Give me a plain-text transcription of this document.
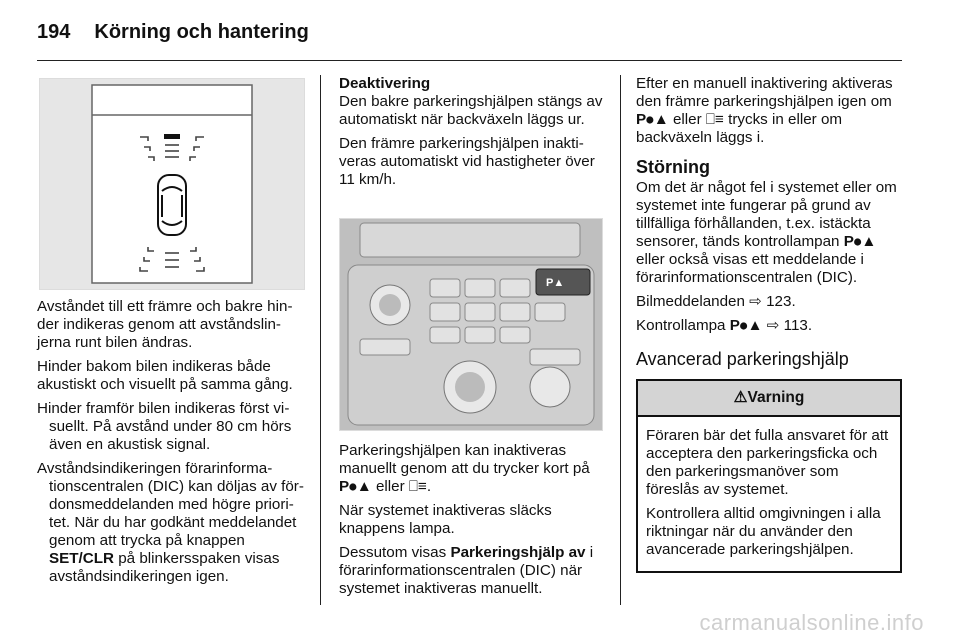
194 Körning och hantering

Avståndet till ett främre och bakre hinder indikeras genom att avståndslinjerna runt bilen ändras.

Hinder bakom bilen indikeras både akustiskt och visuellt på samma gång.

Hinder framför bilen indikeras först visuellt. På avstånd under 80 cm hörs även en akustisk signal.

Avståndsindikeringen förarinformationscentralen (DIC) kan döljas av fördonsmeddelanden med högre prioritet. När du har godkänt meddelandet genom att trycka på knappen SET/CLR på blinkersspaken visas avståndsindikeringen igen.

Deaktivering

Den bakre parkeringshjälpen stängs av automatiskt när backväxeln läggs ur.

Den främre parkeringshjälpen inaktiveras automatiskt vid hastigheter över 11 km/h.

P▲

Parkeringshjälpen kan inaktiveras manuellt genom att du trycker kort på P⦁▲ eller ⎕≡.

När systemet inaktiveras släcks knappens lampa.

Dessutom visas Parkeringshjälp av i förarinformationscentralen (DIC) när systemet inaktiveras manuellt.

Efter en manuell inaktivering aktiveras den främre parkeringshjälpen igen om P⦁▲ eller ⎕≡ trycks in eller om backväxeln läggs i.

Störning

Om det är något fel i systemet eller om systemet inte fungerar på grund av tillfälliga förhållanden, t.ex. istäckta sensorer, tänds kontrollampan P⦁▲ eller också visas ett meddelande i förarinformationscentralen (DIC).

Bilmeddelanden ⇨ 123.

Kontrollampa P⦁▲ ⇨ 113.

Avancerad parkeringshjälp
⚠ Varning

Föraren bär det fulla ansvaret för att acceptera den parkeringsficka och den parkeringsmanöver som föreslås av systemet.

Kontrollera alltid omgivningen i alla riktningar när du använder den avancerade parkeringshjälpen.

carmanualsonline.info
